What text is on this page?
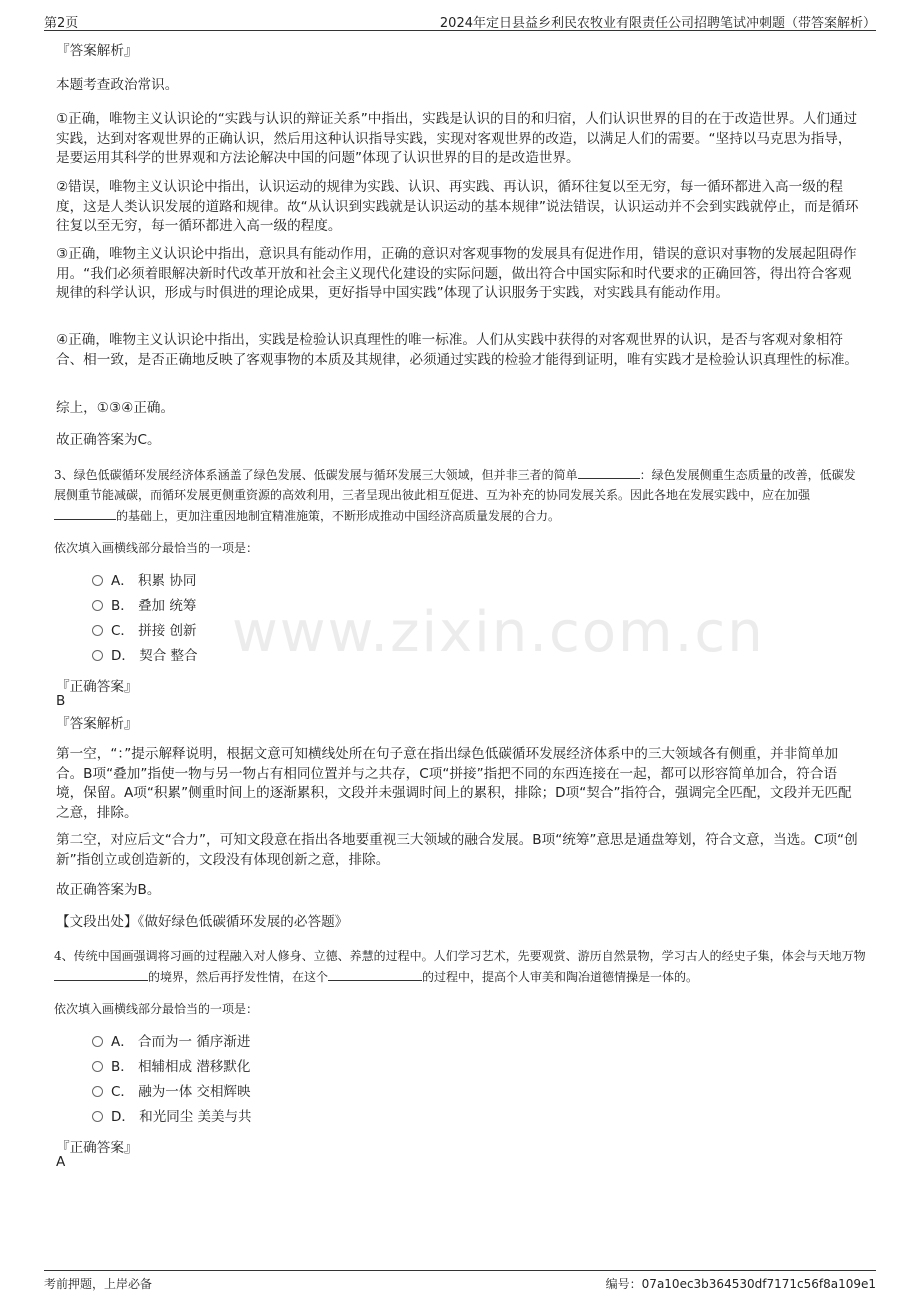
第2页	2024年定日县益乡利民农牧业有限责任公司招聘笔试冲刺题（带答案解析）
www.zixin.com.cn
『答案解析』
本题考查政治常识。
①正确，唯物主义认识论的“实践与认识的辩证关系”中指出，实践是认识的目的和归宿，人们认识世界的目的在于改造世界。人们通过实践，达到对客观世界的正确认识，然后用这种认识指导实践，实现对客观世界的改造，以满足人们的需要。“坚持以马克思为指导，是要运用其科学的世界观和方法论解决中国的问题”体现了认识世界的目的是改造世界。
②错误，唯物主义认识论中指出，认识运动的规律为实践、认识、再实践、再认识，循环往复以至无穷，每一循环都进入高一级的程度，这是人类认识发展的道路和规律。故“从认识到实践就是认识运动的基本规律”说法错误，认识运动并不会到实践就停止，而是循环往复以至无穷，每一循环都进入高一级的程度。
③正确，唯物主义认识论中指出，意识具有能动作用，正确的意识对客观事物的发展具有促进作用，错误的意识对事物的发展起阻碍作用。“我们必须着眼解决新时代改革开放和社会主义现代化建设的实际问题，做出符合中国实际和时代要求的正确回答，得出符合客观规律的科学认识，形成与时俱进的理论成果，更好指导中国实践”体现了认识服务于实践，对实践具有能动作用。
④正确，唯物主义认识论中指出，实践是检验认识真理性的唯一标准。人们从实践中获得的对客观世界的认识，是否与客观对象相符合、相一致，是否正确地反映了客观事物的本质及其规律，必须通过实践的检验才能得到证明，唯有实践才是检验认识真理性的标准。
综上，①③④正确。
故正确答案为C。
3、绿色低碳循环发展经济体系涵盖了绿色发展、低碳发展与循环发展三大领域，但并非三者的简单	：绿色发展侧重生态质量的改善，低碳发展侧重节能减碳，而循环发展更侧重资源的高效利用，三者呈现出彼此相互促进、互为补充的协同发展关系。因此各地在发展实践中，应在加强的基础上，更加注重因地制宜精准施策，不断形成推动中国经济高质量发展的合力。
依次填入画横线部分最恰当的一项是：
A． 积累 协同
B． 叠加 统筹
C． 拼接 创新
D． 契合 整合
『正确答案』
B
『答案解析』
第一空，“：”提示解释说明，根据文意可知横线处所在句子意在指出绿色低碳循环发展经济体系中的三大领域各有侧重，并非简单加合。B项“叠加”指使一物与另一物占有相同位置并与之共存，C项“拼接”指把不同的东西连接在一起，都可以形容简单加合，符合语境，保留。A项“积累”侧重时间上的逐渐累积，文段并未强调时间上的累积，排除；D项“契合”指符合，强调完全匹配，文段并无匹配之意，排除。
第二空，对应后文“合力”，可知文段意在指出各地要重视三大领域的融合发展。B项“统筹”意思是通盘筹划，符合文意，当选。C项“创新”指创立或创造新的，文段没有体现创新之意，排除。
故正确答案为B。
【文段出处】《做好绿色低碳循环发展的必答题》
4、传统中国画强调将习画的过程融入对人修身、立德、养慧的过程中。人们学习艺术，先要观赏、游历自然景物，学习古人的经史子集，体会与天地万物的境界，然后再抒发性情，在这个	的过程中，提高个人审美和陶冶道德情操是一体的。
依次填入画横线部分最恰当的一项是：
A． 合而为一 循序渐进
B． 相辅相成 潜移默化
C． 融为一体 交相辉映
D． 和光同尘 美美与共
『正确答案』
A
考前押题，上岸必备	编号：07a10ec3b364530df7171c56f8a109e1
